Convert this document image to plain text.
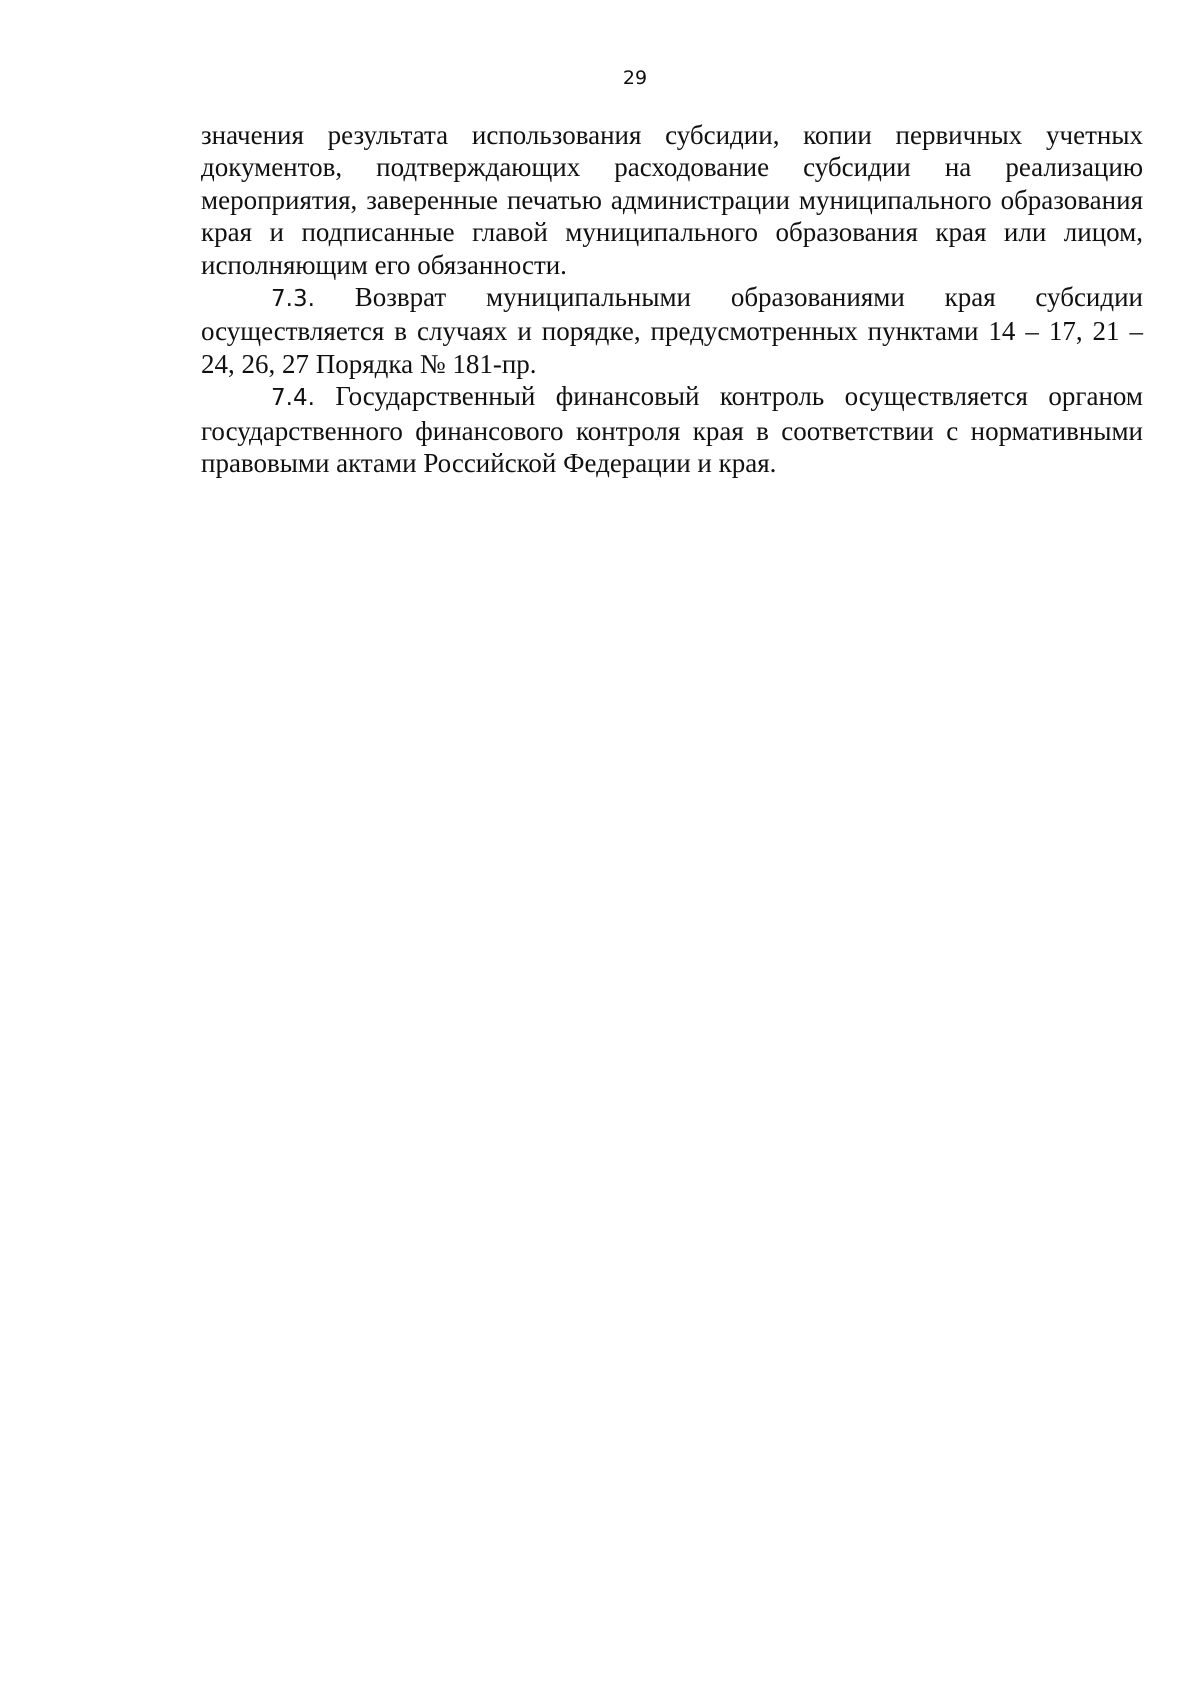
29

значения результата использования субсидии, копии первичных учетных документов, подтверждающих расходование субсидии на реализацию мероприятия, заверенные печатью администрации муниципального образования края и подписанные главой муниципального образования края или лицом, исполняющим его обязанности.

7.3. Возврат муниципальными образованиями края субсидии осуществляется в случаях и порядке, предусмотренных пунктами 14 – 17, 21 – 24, 26, 27 Порядка № 181-пр.

7.4. Государственный финансовый контроль осуществляется органом государственного финансового контроля края в соответствии с нормативными правовыми актами Российской Федерации и края.
